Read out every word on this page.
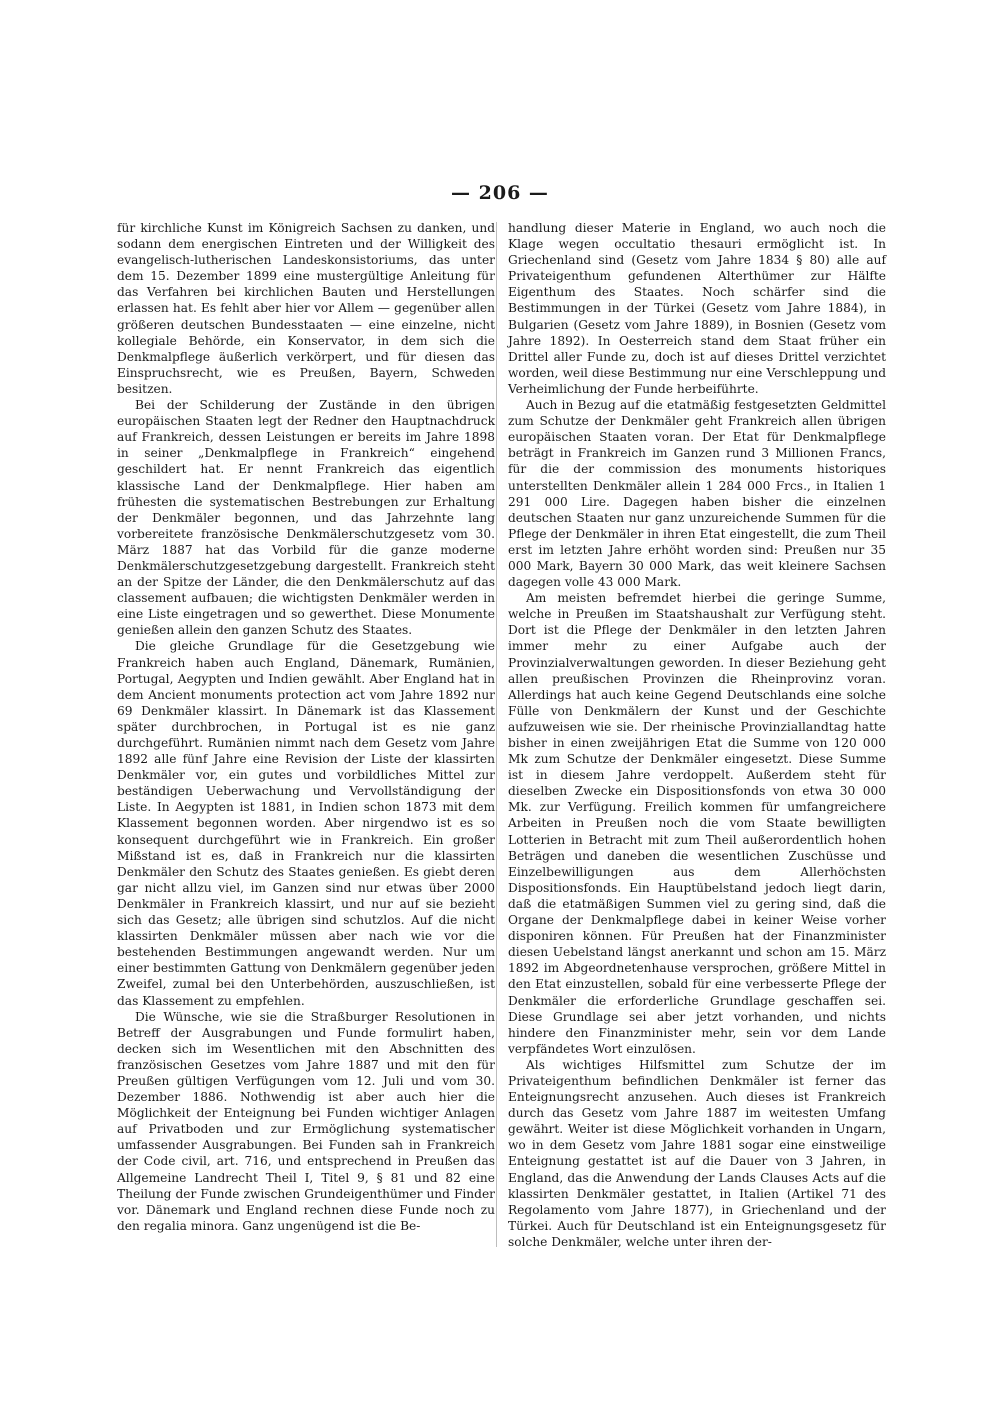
— 206 —

für kirchliche Kunst im Königreich Sachsen zu danken, und sodann dem energischen Eintreten und der Willigkeit des evangelisch-lutherischen Landeskonsistoriums, das unter dem 15. Dezember 1899 eine mustergültige Anleitung für das Verfahren bei kirchlichen Bauten und Herstellungen erlassen hat. Es fehlt aber hier vor Allem — gegenüber allen größeren deutschen Bundesstaaten — eine einzelne, nicht kollegiale Behörde, ein Konservator, in dem sich die Denkmalpflege äußerlich verkörpert, und für diesen das Einspruchsrecht, wie es Preußen, Bayern, Schweden besitzen.

Bei der Schilderung der Zustände in den übrigen europäischen Staaten legt der Redner den Hauptnachdruck auf Frankreich, dessen Leistungen er bereits im Jahre 1898 in seiner „Denkmalpflege in Frankreich“ eingehend geschildert hat. Er nennt Frankreich das eigentlich klassische Land der Denkmalpflege. Hier haben am frühesten die systematischen Bestrebungen zur Erhaltung der Denkmäler begonnen, und das Jahrzehnte lang vorbereitete französische Denkmälerschutzgesetz vom 30. März 1887 hat das Vorbild für die ganze moderne Denkmälerschutzgesetzgebung dargestellt. Frankreich steht an der Spitze der Länder, die den Denkmälerschutz auf das classement aufbauen; die wichtigsten Denkmäler werden in eine Liste eingetragen und so gewerthet. Diese Monumente genießen allein den ganzen Schutz des Staates.

Die gleiche Grundlage für die Gesetzgebung wie Frankreich haben auch England, Dänemark, Rumänien, Portugal, Aegypten und Indien gewählt. Aber England hat in dem Ancient monuments protection act vom Jahre 1892 nur 69 Denkmäler klassirt. In Dänemark ist das Klassement später durchbrochen, in Portugal ist es nie ganz durchgeführt. Rumänien nimmt nach dem Gesetz vom Jahre 1892 alle fünf Jahre eine Revision der Liste der klassirten Denkmäler vor, ein gutes und vorbildliches Mittel zur beständigen Ueberwachung und Vervollständigung der Liste. In Aegypten ist 1881, in Indien schon 1873 mit dem Klassement begonnen worden. Aber nirgendwo ist es so konsequent durchgeführt wie in Frankreich. Ein großer Mißstand ist es, daß in Frankreich nur die klassirten Denkmäler den Schutz des Staates genießen. Es giebt deren gar nicht allzu viel, im Ganzen sind nur etwas über 2000 Denkmäler in Frankreich klassirt, und nur auf sie bezieht sich das Gesetz; alle übrigen sind schutzlos. Auf die nicht klassirten Denkmäler müssen aber nach wie vor die bestehenden Bestimmungen angewandt werden. Nur um einer bestimmten Gattung von Denkmälern gegenüber jeden Zweifel, zumal bei den Unterbehörden, auszuschließen, ist das Klassement zu empfehlen.

Die Wünsche, wie sie die Straßburger Resolutionen in Betreff der Ausgrabungen und Funde formulirt haben, decken sich im Wesentlichen mit den Abschnitten des französischen Gesetzes vom Jahre 1887 und mit den für Preußen gültigen Verfügungen vom 12. Juli und vom 30. Dezember 1886. Nothwendig ist aber auch hier die Möglichkeit der Enteignung bei Funden wichtiger Anlagen auf Privatboden und zur Ermöglichung systematischer umfassender Ausgrabungen. Bei Funden sah in Frankreich der Code civil, art. 716, und entsprechend in Preußen das Allgemeine Landrecht Theil I, Titel 9, § 81 und 82 eine Theilung der Funde zwischen Grundeigenthümer und Finder vor. Dänemark und England rechnen diese Funde noch zu den regalia minora. Ganz ungenügend ist die Be-

handlung dieser Materie in England, wo auch noch die Klage wegen occultatio thesauri ermöglicht ist. In Griechenland sind (Gesetz vom Jahre 1834 § 80) alle auf Privateigenthum gefundenen Alterthümer zur Hälfte Eigenthum des Staates. Noch schärfer sind die Bestimmungen in der Türkei (Gesetz vom Jahre 1884), in Bulgarien (Gesetz vom Jahre 1889), in Bosnien (Gesetz vom Jahre 1892). In Oesterreich stand dem Staat früher ein Drittel aller Funde zu, doch ist auf dieses Drittel verzichtet worden, weil diese Bestimmung nur eine Verschleppung und Verheimlichung der Funde herbeiführte.

Auch in Bezug auf die etatmäßig festgesetzten Geldmittel zum Schutze der Denkmäler geht Frankreich allen übrigen europäischen Staaten voran. Der Etat für Denkmalpflege beträgt in Frankreich im Ganzen rund 3 Millionen Francs, für die der commission des monuments historiques unterstellten Denkmäler allein 1 284 000 Frcs., in Italien 1 291 000 Lire. Dagegen haben bisher die einzelnen deutschen Staaten nur ganz unzureichende Summen für die Pflege der Denkmäler in ihren Etat eingestellt, die zum Theil erst im letzten Jahre erhöht worden sind: Preußen nur 35 000 Mark, Bayern 30 000 Mark, das weit kleinere Sachsen dagegen volle 43 000 Mark.

Am meisten befremdet hierbei die geringe Summe, welche in Preußen im Staatshaushalt zur Verfügung steht. Dort ist die Pflege der Denkmäler in den letzten Jahren immer mehr zu einer Aufgabe auch der Provinzialverwaltungen geworden. In dieser Beziehung geht allen preußischen Provinzen die Rheinprovinz voran. Allerdings hat auch keine Gegend Deutschlands eine solche Fülle von Denkmälern der Kunst und der Geschichte aufzuweisen wie sie. Der rheinische Provinziallandtag hatte bisher in einen zweijährigen Etat die Summe von 120 000 Mk zum Schutze der Denkmäler eingesetzt. Diese Summe ist in diesem Jahre verdoppelt. Außerdem steht für dieselben Zwecke ein Dispositionsfonds von etwa 30 000 Mk. zur Verfügung. Freilich kommen für umfangreichere Arbeiten in Preußen noch die vom Staate bewilligten Lotterien in Betracht mit zum Theil außerordentlich hohen Beträgen und daneben die wesentlichen Zuschüsse und Einzelbewilligungen aus dem Allerhöchsten Dispositionsfonds. Ein Hauptübelstand jedoch liegt darin, daß die etatmäßigen Summen viel zu gering sind, daß die Organe der Denkmalpflege dabei in keiner Weise vorher disponiren können. Für Preußen hat der Finanzminister diesen Uebelstand längst anerkannt und schon am 15. März 1892 im Abgeordnetenhause versprochen, größere Mittel in den Etat einzustellen, sobald für eine verbesserte Pflege der Denkmäler die erforderliche Grundlage geschaffen sei. Diese Grundlage sei aber jetzt vorhanden, und nichts hindere den Finanzminister mehr, sein vor dem Lande verpfändetes Wort einzulösen.

Als wichtiges Hilfsmittel zum Schutze der im Privateigenthum befindlichen Denkmäler ist ferner das Enteignungsrecht anzusehen. Auch dieses ist Frankreich durch das Gesetz vom Jahre 1887 im weitesten Umfang gewährt. Weiter ist diese Möglichkeit vorhanden in Ungarn, wo in dem Gesetz vom Jahre 1881 sogar eine einstweilige Enteignung gestattet ist auf die Dauer von 3 Jahren, in England, das die Anwendung der Lands Clauses Acts auf die klassirten Denkmäler gestattet, in Italien (Artikel 71 des Regolamento vom Jahre 1877), in Griechenland und der Türkei. Auch für Deutschland ist ein Enteignungsgesetz für solche Denkmäler, welche unter ihren der-
